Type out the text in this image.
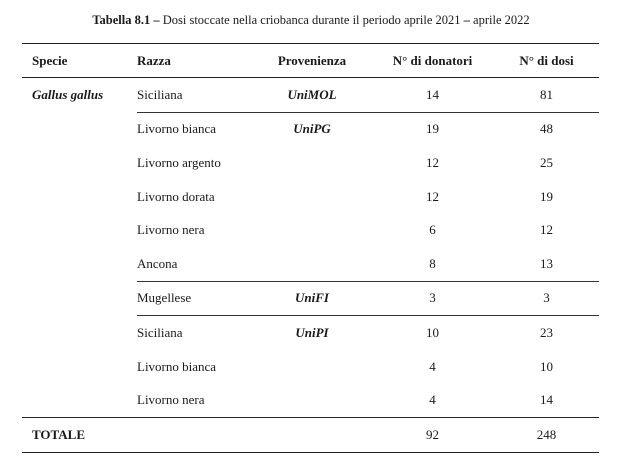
Tabella 8.1 – Dosi stoccate nella criobanca durante il periodo aprile 2021 – aprile 2022
Specie	Razza	Provenienza	N° di donatori	N° di dosi
Gallus gallus	Siciliana	UniMOL	14	81
	Livorno bianca	UniPG	19	48
	Livorno argento		12	25
	Livorno dorata		12	19
	Livorno nera		6	12
	Ancona		8	13
	Mugellese	UniFI	3	3
	Siciliana	UniPI	10	23
	Livorno bianca		4	10
	Livorno nera		4	14
TOTALE			92	248
